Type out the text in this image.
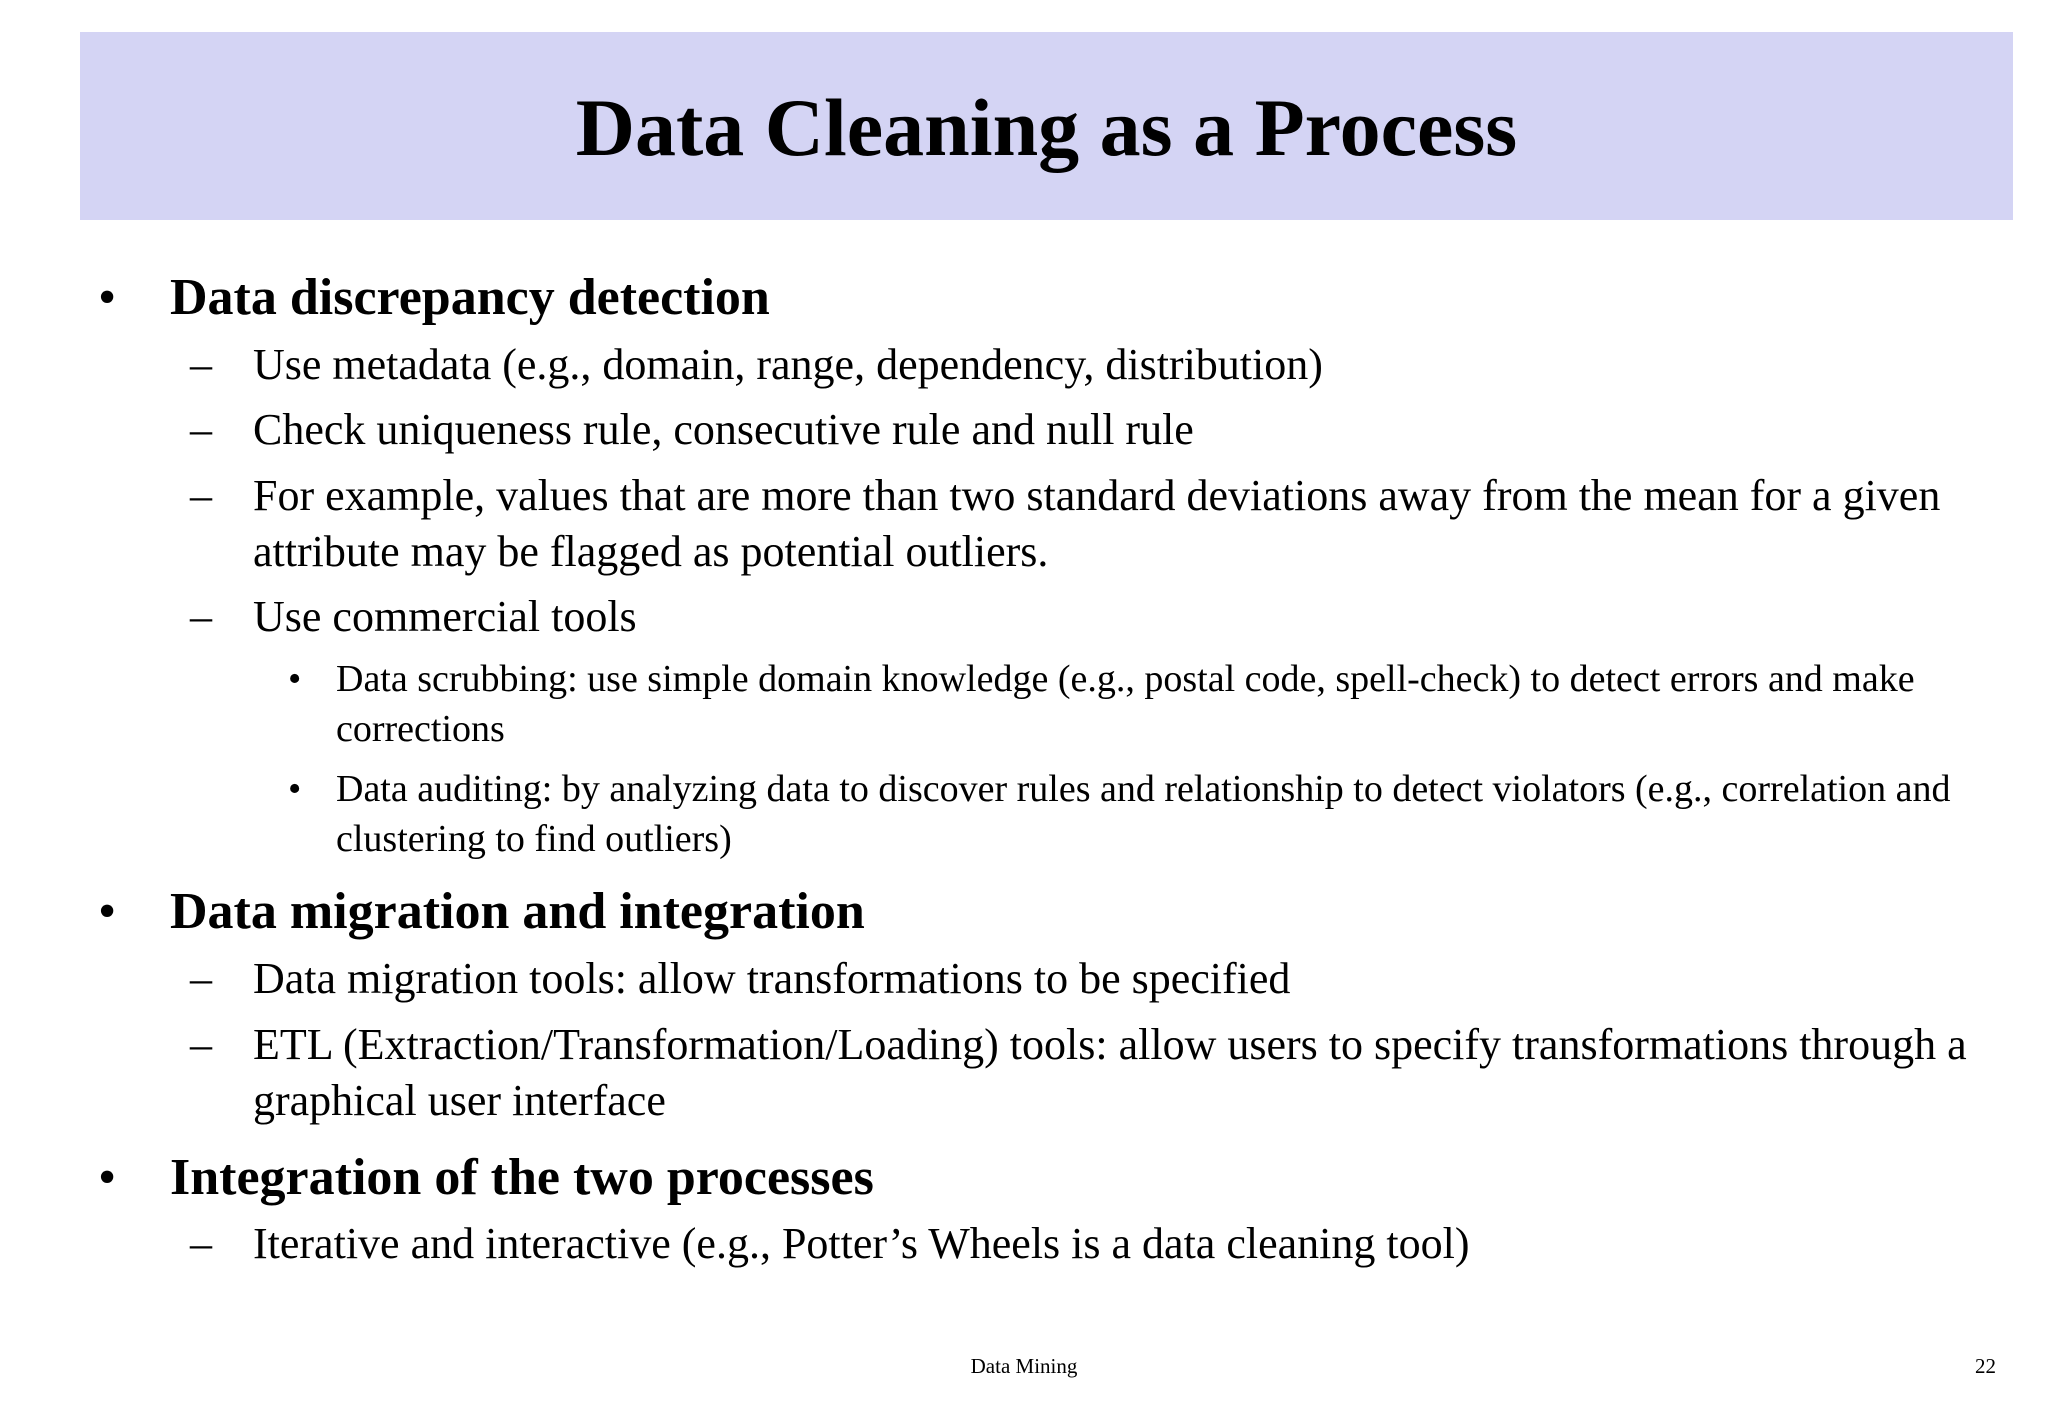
Data Cleaning as a Process
• Data discrepancy detection
– Use metadata (e.g., domain, range, dependency, distribution)
– Check uniqueness rule, consecutive rule and null rule
– For example, values that are more than two standard deviations away from the mean for a given attribute may be flagged as potential outliers.
– Use commercial tools
• Data scrubbing: use simple domain knowledge (e.g., postal code, spell-check) to detect errors and make corrections
• Data auditing: by analyzing data to discover rules and relationship to detect violators (e.g., correlation and clustering to find outliers)
• Data migration and integration
– Data migration tools: allow transformations to be specified
– ETL (Extraction/Transformation/Loading) tools: allow users to specify transformations through a graphical user interface
• Integration of the two processes
– Iterative and interactive (e.g., Potter’s Wheels is a data cleaning tool)
Data Mining	22
